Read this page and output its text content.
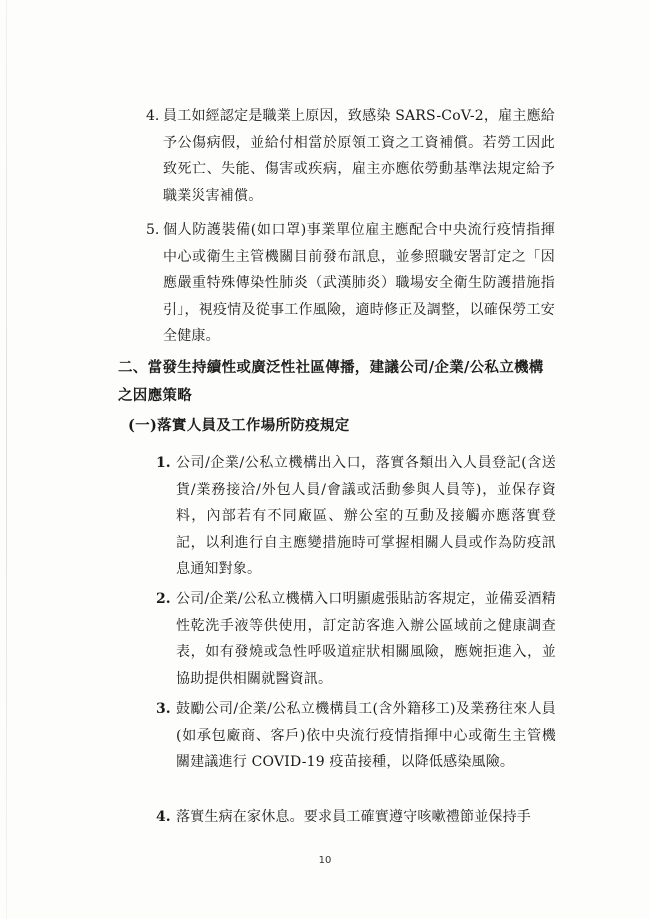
4. 員工如經認定是職業上原因，致感染 SARS-CoV-2，雇主應給予公傷病假，並給付相當於原領工資之工資補償。若勞工因此致死亡、失能、傷害或疾病，雇主亦應依勞動基準法規定給予職業災害補償。
5. 個人防護裝備(如口罩)事業單位雇主應配合中央流行疫情指揮中心或衛生主管機關目前發布訊息，並參照職安署訂定之「因應嚴重特殊傳染性肺炎（武漢肺炎）職場安全衛生防護措施指引」，視疫情及從事工作風險，適時修正及調整，以確保勞工安全健康。
二、當發生持續性或廣泛性社區傳播，建議公司/企業/公私立機構之因應策略
(一)落實人員及工作場所防疫規定
1. 公司/企業/公私立機構出入口，落實各類出入人員登記(含送貨/業務接洽/外包人員/會議或活動參與人員等)，並保存資料，內部若有不同廠區、辦公室的互動及接觸亦應落實登記，以利進行自主應變措施時可掌握相關人員或作為防疫訊息通知對象。
2. 公司/企業/公私立機構入口明顯處張貼訪客規定，並備妥酒精性乾洗手液等供使用，訂定訪客進入辦公區域前之健康調查表，如有發燒或急性呼吸道症狀相關風險，應婉拒進入，並協助提供相關就醫資訊。
3. 鼓勵公司/企業/公私立機構員工(含外籍移工)及業務往來人員(如承包廠商、客戶)依中央流行疫情指揮中心或衛生主管機關建議進行 COVID-19 疫苗接種，以降低感染風險。
4. 落實生病在家休息。要求員工確實遵守咳嗽禮節並保持手
10
